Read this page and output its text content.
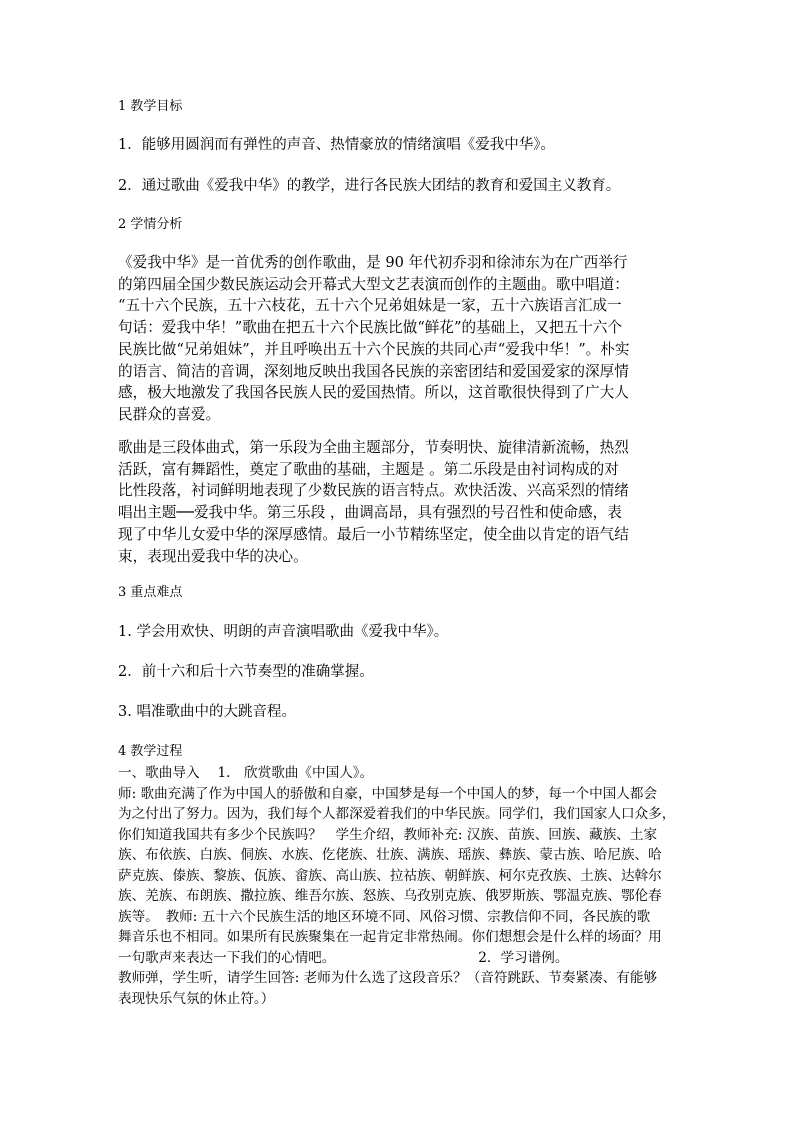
1 教学目标
1．能够用圆润而有弹性的声音、热情豪放的情绪演唱《爱我中华》。
2．通过歌曲《爱我中华》的教学，进行各民族大团结的教育和爱国主义教育。
2 学情分析

《爱我中华》是一首优秀的创作歌曲，是 90 年代初乔羽和徐沛东为在广西举行

的第四届全国少数民族运动会开幕式大型文艺表演而创作的主题曲。歌中唱道：

“五十六个民族，五十六枝花，五十六个兄弟姐妹是一家，五十六族语言汇成一

句话：爱我中华！”歌曲在把五十六个民族比做“鲜花”的基础上，又把五十六个

民族比做“兄弟姐妹”，并且呼唤出五十六个民族的共同心声“爱我中华！”。朴实

的语言、简洁的音调，深刻地反映出我国各民族的亲密团结和爱国爱家的深厚情

感，极大地激发了我国各民族人民的爱国热情。所以，这首歌很快得到了广大人

民群众的喜爱。

歌曲是三段体曲式，第一乐段为全曲主题部分，节奏明快、旋律清新流畅，热烈

活跃，富有舞蹈性，奠定了歌曲的基础，主题是 。第二乐段是由衬词构成的对

比性段落，衬词鲜明地表现了少数民族的语言特点。欢快活泼、兴高采烈的情绪

唱出主题──爱我中华。第三乐段 ，曲调高昂，具有强烈的号召性和使命感，表

现了中华儿女爱中华的深厚感情。最后一小节精练坚定，使全曲以肯定的语气结

束，表现出爱我中华的决心。

3 重点难点
1. 学会用欢快、明朗的声音演唱歌曲《爱我中华》。
2．前十六和后十六节奏型的准确掌握。
3. 唱准歌曲中的大跳音程。
4 教学过程

一、歌曲导入　 1.　欣赏歌曲《中国人》。

师: 歌曲充满了作为中国人的骄傲和自豪，中国梦是每一个中国人的梦，每一个中国人都会

为之付出了努力。因为，我们每个人都深爱着我们的中华民族。同学们，我们国家人口众多，

你们知道我国共有多少个民族吗？　学生介绍，教师补充: 汉族、苗族、回族、藏族、土家

族、布依族、白族、侗族、水族、仡佬族、壮族、满族、瑶族、彝族、蒙古族、哈尼族、哈

萨克族、傣族、黎族、佤族、畲族、高山族、拉祜族、朝鲜族、柯尔克孜族、土族、达斡尔

族、羌族、布朗族、撒拉族、维吾尔族、怒族、乌孜别克族、俄罗斯族、鄂温克族、鄂伦春

族等。　教师: 五十六个民族生活的地区环境不同、风俗习惯、宗教信仰不同，各民族的歌

舞音乐也不相同。如果所有民族聚集在一起肯定非常热闹。你们想想会是什么样的场面？用

一句歌声来表达一下我们的心情吧。　　　　　　　　　　　2．学习谱例。

教师弹，学生听，请学生回答: 老师为什么选了这段音乐？（音符跳跃、节奏紧凑、有能够

表现快乐气氛的休止符。）
